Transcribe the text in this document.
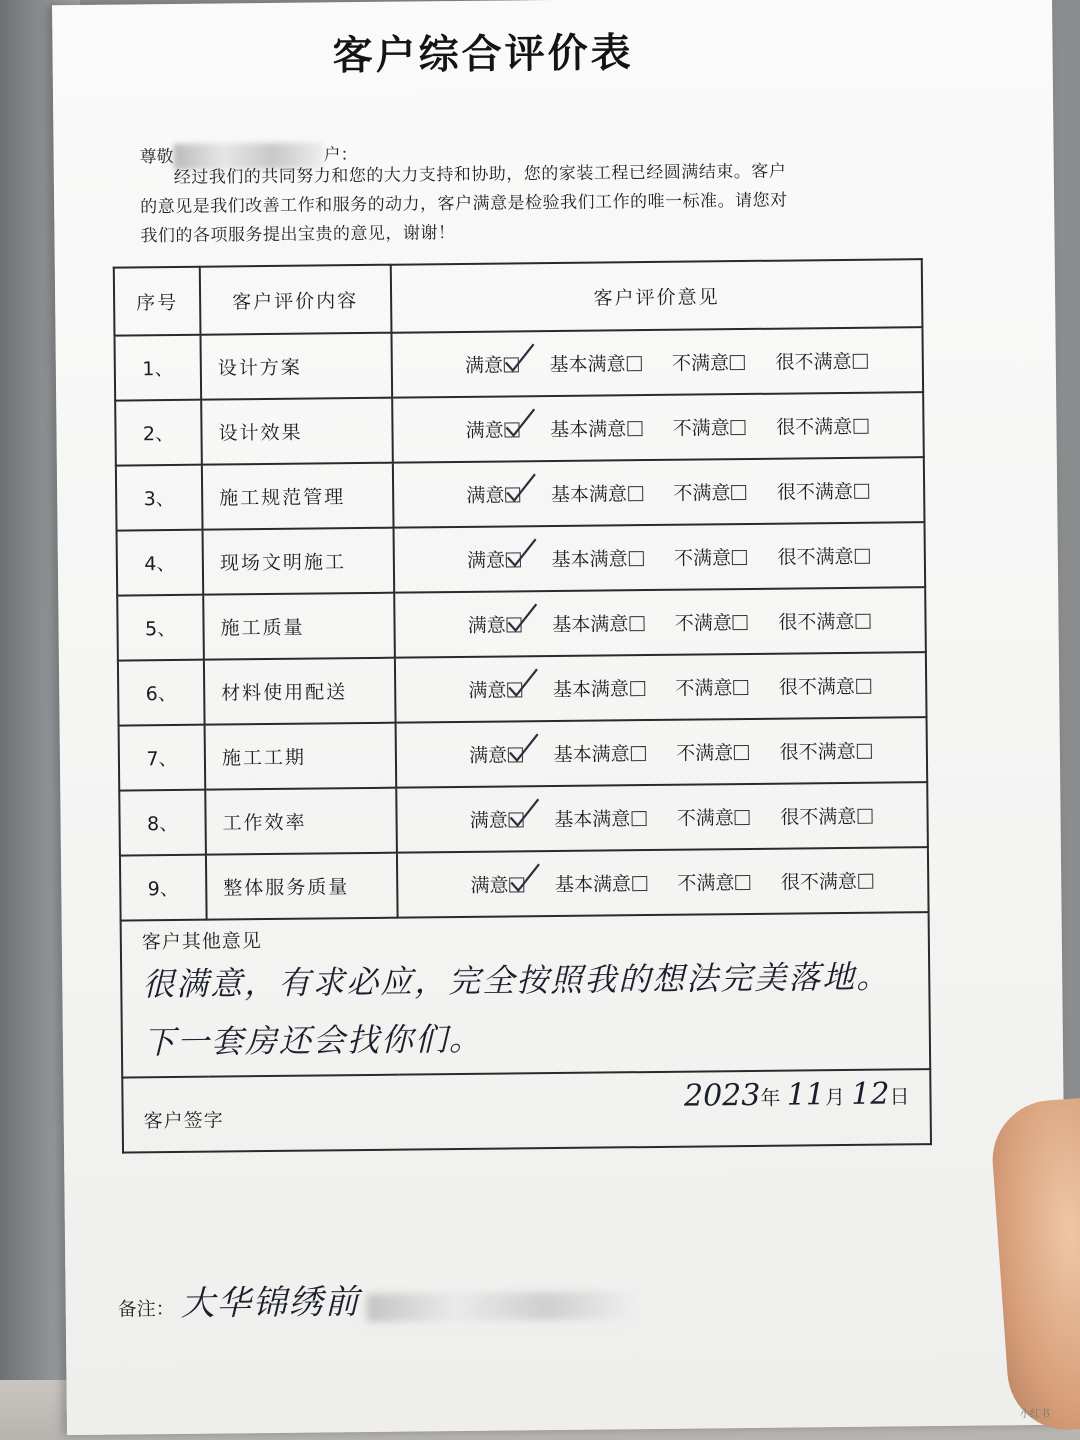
客户综合评价表
尊敬	户：

经过我们的共同努力和您的大力支持和协助，您的家装工程已经圆满结束。客户

的意见是我们改善工作和服务的动力，客户满意是检验我们工作的唯一标准。请您对

我们的各项服务提出宝贵的意见，谢谢！

序号	客户评价内容	客户评价意见
1、	设计方案	满意 基本满意 不满意 很不满意

2、	设计效果	满意 基本满意 不满意 很不满意

3、	施工规范管理	满意 基本满意 不满意 很不满意

4、	现场文明施工	满意 基本满意 不满意 很不满意

5、	施工质量	满意 基本满意 不满意 很不满意

6、	材料使用配送	满意 基本满意 不满意 很不满意

7、	施工工期	满意 基本满意 不满意 很不满意

8、	工作效率	满意 基本满意 不满意 很不满意

9、	整体服务质量	满意 基本满意 不满意 很不满意

客户其他意见
很满意，有求必应，完全按照我的想法完美落地。
下一套房还会找你们。		

客户签字
2023年 11月 12日		
备注： 大华锦绣前
小红书
